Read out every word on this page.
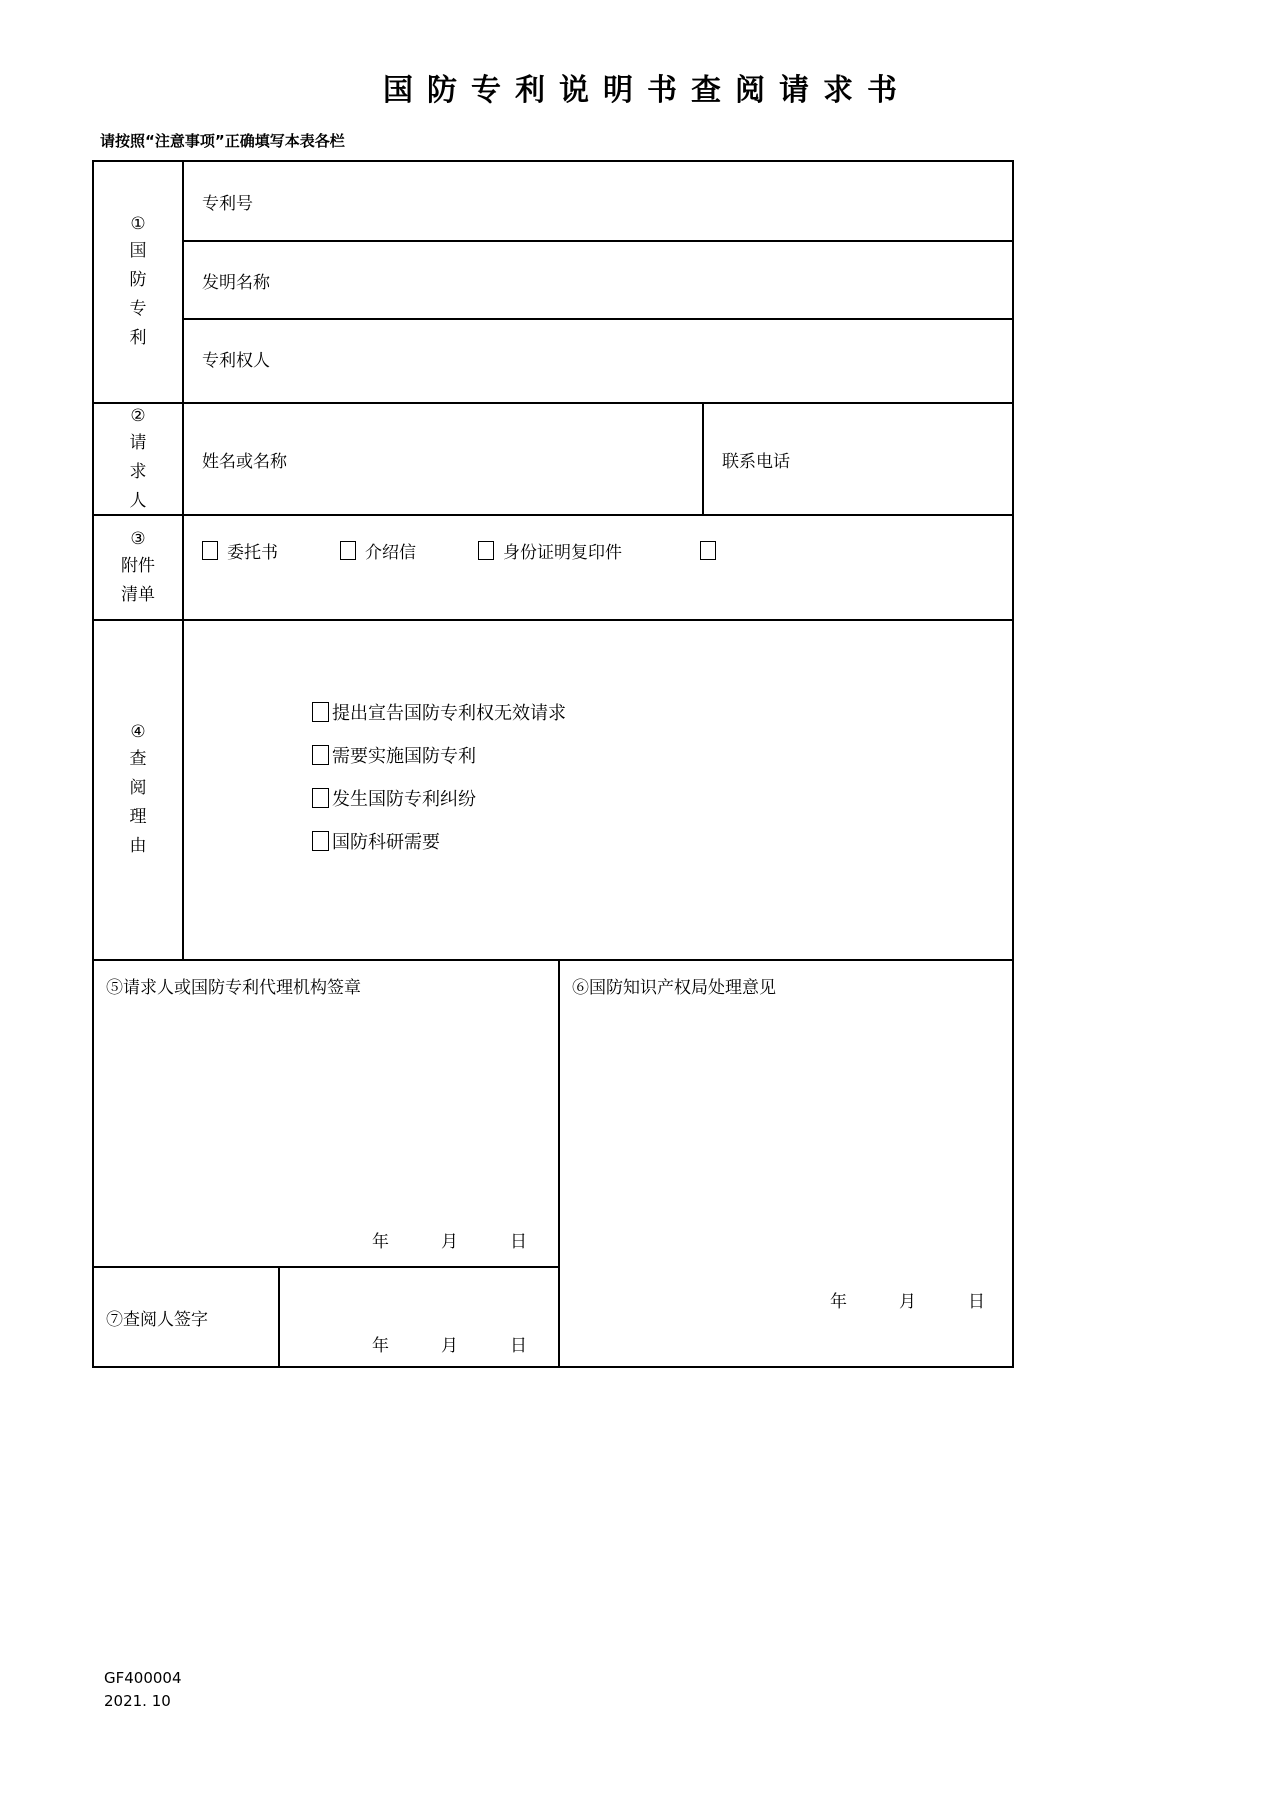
国防专利说明书查阅请求书
请按照“注意事项”正确填写本表各栏
①
国
防
专
利
专利号
发明名称
专利权人
②
请
求
人
姓名或名称	联系电话
③
附件
清单
委托书	介绍信	身份证明复印件
④
查
阅
理
由
提出宣告国防专利权无效请求
需要实施国防专利
发生国防专利纠纷
国防科研需要
⑤请求人或国防专利代理机构签章
年	月	日
⑦查阅人签字
年	月	日
⑥国防知识产权局处理意见
年	月	日
GF400004
2021. 10
